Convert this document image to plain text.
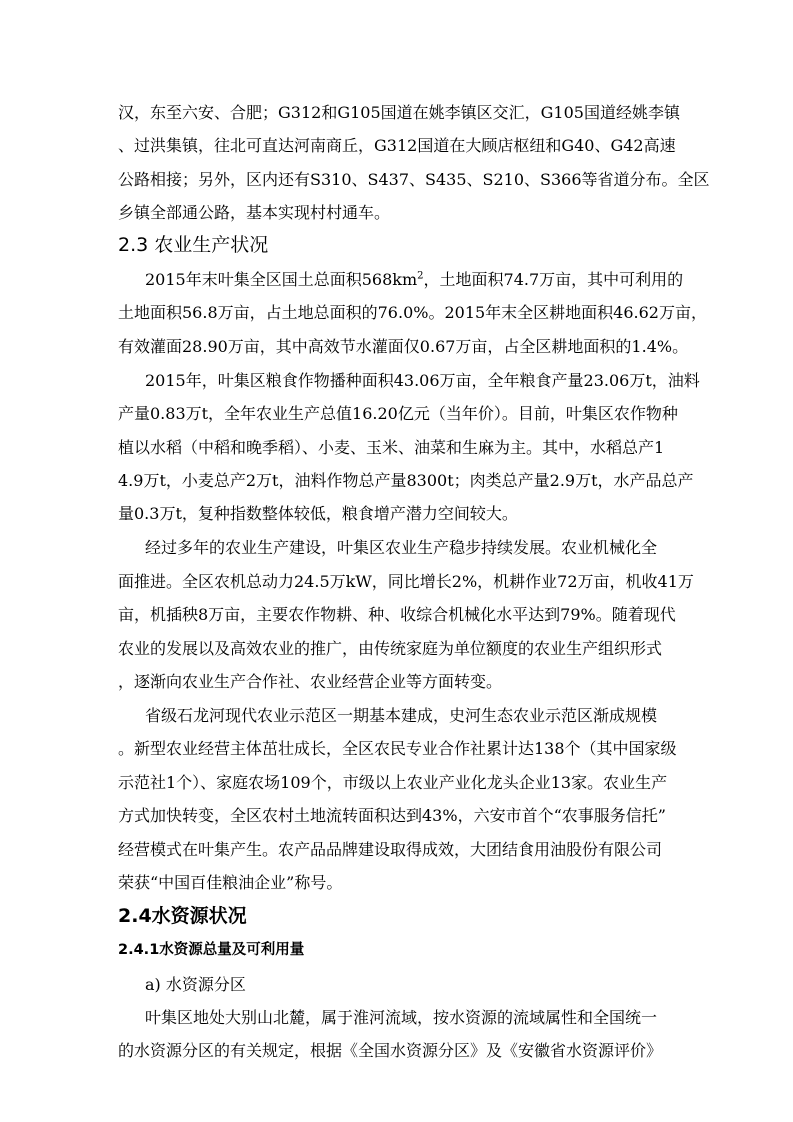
汉，东至六安、合肥；G312和G105国道在姚李镇区交汇，G105国道经姚李镇
、过洪集镇，往北可直达河南商丘，G312国道在大顾店枢纽和G40、G42高速
公路相接；另外，区内还有S310、S437、S435、S210、S366等省道分布。全区
乡镇全部通公路，基本实现村村通车。
2.3 农业生产状况
2015年末叶集全区国土总面积$568km^2$，土地面积74.7万亩，其中可利用的
土地面积56.8万亩，占土地总面积的76.0%。2015年末全区耕地面积46.62万亩，
有效灌面28.90万亩，其中高效节水灌面仅0.67万亩，占全区耕地面积的1.4%。
2015年，叶集区粮食作物播种面积43.06万亩，全年粮食产量23.06万t，油料
产量0.83万t，全年农业生产总值16.20亿元（当年价）。目前，叶集区农作物种
植以水稻（中稻和晚季稻）、小麦、玉米、油菜和生麻为主。其中，水稻总产1
4.9万t，小麦总产2万t，油料作物总产量8300t；肉类总产量2.9万t，水产品总产
量0.3万t，复种指数整体较低，粮食增产潜力空间较大。
经过多年的农业生产建设，叶集区农业生产稳步持续发展。农业机械化全
面推进。全区农机总动力24.5万kW，同比增长2%，机耕作业72万亩，机收41万
亩，机插秧8万亩，主要农作物耕、种、收综合机械化水平达到79%。随着现代
农业的发展以及高效农业的推广，由传统家庭为单位额度的农业生产组织形式
，逐渐向农业生产合作社、农业经营企业等方面转变。
省级石龙河现代农业示范区一期基本建成，史河生态农业示范区渐成规模
。新型农业经营主体茁壮成长，全区农民专业合作社累计达138个（其中国家级
示范社1个）、家庭农场109个，市级以上农业产业化龙头企业13家。农业生产
方式加快转变，全区农村土地流转面积达到43%，六安市首个“农事服务信托”
经营模式在叶集产生。农产品品牌建设取得成效，大团结食用油股份有限公司
荣获“中国百佳粮油企业”称号。
2.4水资源状况
2.4.1水资源总量及可利用量
a) 水资源分区
叶集区地处大别山北麓，属于淮河流域，按水资源的流域属性和全国统一
的水资源分区的有关规定，根据《全国水资源分区》及《安徽省水资源评价》
